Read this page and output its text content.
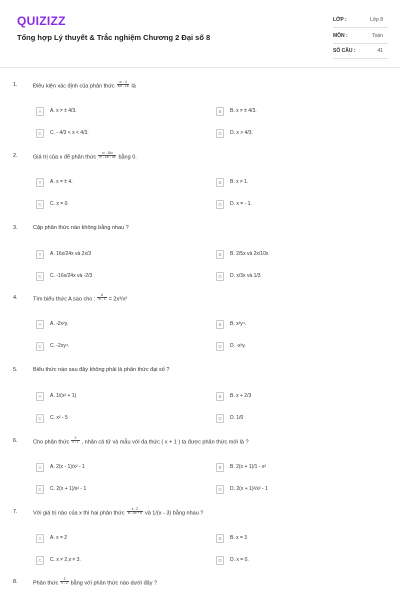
QUIZIZZ
Tổng hợp Lý thuyết & Trắc nghiệm Chương 2 Đại số 8
LỚP :	Lớp 8
MÔN :	Toán
SỐ CÂU :	41
1.	Điều kiện xác định của phân thức $\frac{\text{x² - 4}}{\text{4x² - 16}}$ là
A	A. x ≠ ± 4/3.	B	B. x ≠ ± 4/3.
C	C. - 4/3 < x < 4/3.	D	D. x > 4/3.
2.	Giá trị của x để phân thức $\frac{\text{x² - 16x}}{\text{x² - 2x² - 4x}}$ bằng 0.
A	A. x = ± 4.	B	B. x ≠ 1.
C	C. x = 0.	D	D. x = - 1.
3.	Cặp phân thức nào không bằng nhau ?
A	A. 16x/24x và 2x/3	B	B. 2/5x và 2x/10x
C	C. -16x/24x và -2/3	D	D. x/3x và 1/3
4.	Tìm biểu thức A sao cho : $\frac{A}{\text{x² - 1}} = 2x^3/x^2$
A	A. -2x²y.	B	B. x²y⁴.
C	C. -2xy⁴.	D	D. -x³y.
5.	Biểu thức nào sau đây không phải là phân thức đại số ?
A	A. 1/(x² + 1)	B	B. x + 2/3
C	C. x² - 5	D	D. 1/0
6.	Cho phân thức $\frac{2}{x - 1}$ , nhân cả tử và mẫu với đa thức ( x + 1 ) ta được phân thức mới là ?
A	A. 2(x - 1)/x² - 1	B	B. 2(x + 1)/1 - x²
C	C. 2(x + 1)/x² - 1	D	D. 2(x + 1)²/x² - 1
7.	Với giá trị nào của x thì hai phân thức $\frac{x - 2}{\text{x² - 5x + 6}}$ và 1/(x - 3) bằng nhau ?
A	A. x = 2	B	B. x = 3
C	C. x ≠ 2,x ≠ 3.	D	D. x = 0.
8.	Phân thức $\frac{2}{x - 2}$ bằng với phân thức nào dưới đây ?
